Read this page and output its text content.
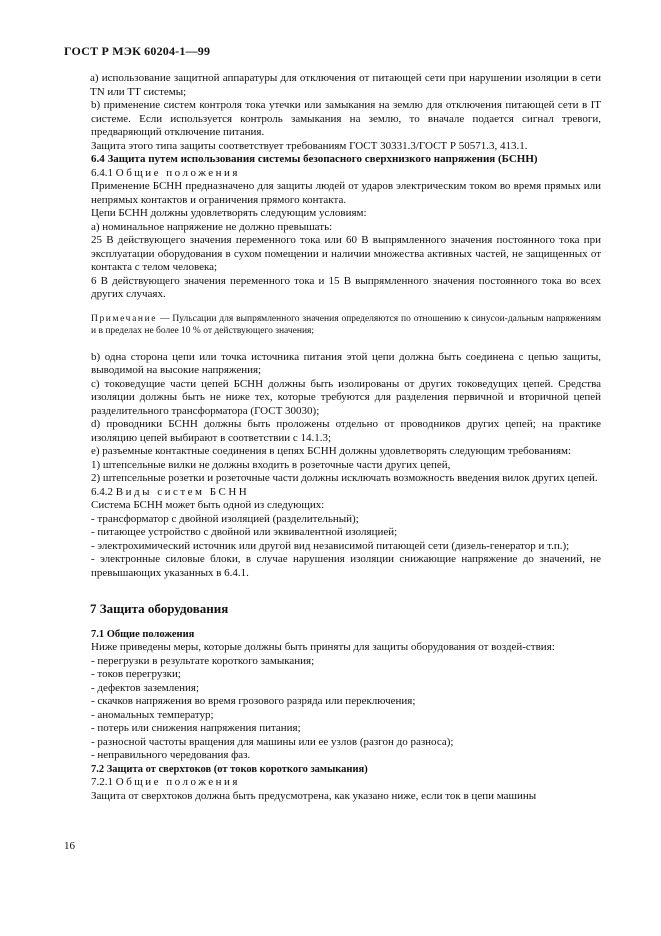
ГОСТ Р МЭК 60204-1—99

a) использование защитной аппаратуры для отключения от питающей сети при нарушении изоляции в сети TN или TT системы;

b) применение систем контроля тока утечки или замыкания на землю для отключения питающей сети в IT системе. Если используется контроль замыкания на землю, то вначале подается сигнал тревоги, предваряющий отключение питания.

Защита этого типа защиты соответствует требованиям ГОСТ 30331.3/ГОСТ Р 50571.3, 413.1.

6.4 Защита путем использования системы безопасного сверхнизкого напряжения (БСНН)

6.4.1 Общие положения

Применение БСНН предназначено для защиты людей от ударов электрическим током во время прямых или непрямых контактов и ограничения прямого контакта.

Цепи БСНН должны удовлетворять следующим условиям:

a) номинальное напряжение не должно превышать:

25 В действующего значения переменного тока или 60 В выпрямленного значения постоянного тока при эксплуатации оборудования в сухом помещении и наличии множества активных частей, не защищенных от контакта с телом человека;

6 В действующего значения переменного тока и 15 В выпрямленного значения постоянного тока во всех других случаях.

Примечание — Пульсации для выпрямленного значения определяются по отношению к синусои-дальным напряжениям и в пределах не более 10 % от действующего значения;

b) одна сторона цепи или точка источника питания этой цепи должна быть соединена с цепью защиты, выводимой на высокие напряжения;

c) токоведущие части цепей БСНН должны быть изолированы от других токоведущих цепей. Средства изоляции должны быть не ниже тех, которые требуются для разделения первичной и вторичной цепей разделительного трансформатора (ГОСТ 30030);

d) проводники БСНН должны быть проложены отдельно от проводников других цепей; на практике изоляцию цепей выбирают в соответствии с 14.1.3;

e) разъемные контактные соединения в цепях БСНН должны удовлетворять следующим требованиям:

1) штепсельные вилки не должны входить в розеточные части других цепей,

2) штепсельные розетки и розеточные части должны исключать возможность введения вилок других цепей.

6.4.2 Виды систем БСНН

Система БСНН может быть одной из следующих:

- трансформатор с двойной изоляцией (разделительный);

- питающее устройство с двойной или эквивалентной изоляцией;

- электрохимический источник или другой вид независимой питающей сети (дизель-генератор и т.п.);

- электронные силовые блоки, в случае нарушения изоляции снижающие напряжение до значений, не превышающих указанных в 6.4.1.

7 Защита оборудования

7.1 Общие положения

Ниже приведены меры, которые должны быть приняты для защиты оборудования от воздей-ствия:

- перегрузки в результате короткого замыкания;

- токов перегрузки;

- дефектов заземления;

- скачков напряжения во время грозового разряда или переключения;

- аномальных температур;

- потерь или снижения напряжения питания;

- разносной частоты вращения для машины или ее узлов (разгон до разноса);

- неправильного чередования фаз.

7.2 Защита от сверхтоков (от токов короткого замыкания)

7.2.1 Общие положения

Защита от сверхтоков должна быть предусмотрена, как указано ниже, если ток в цепи машины

16
